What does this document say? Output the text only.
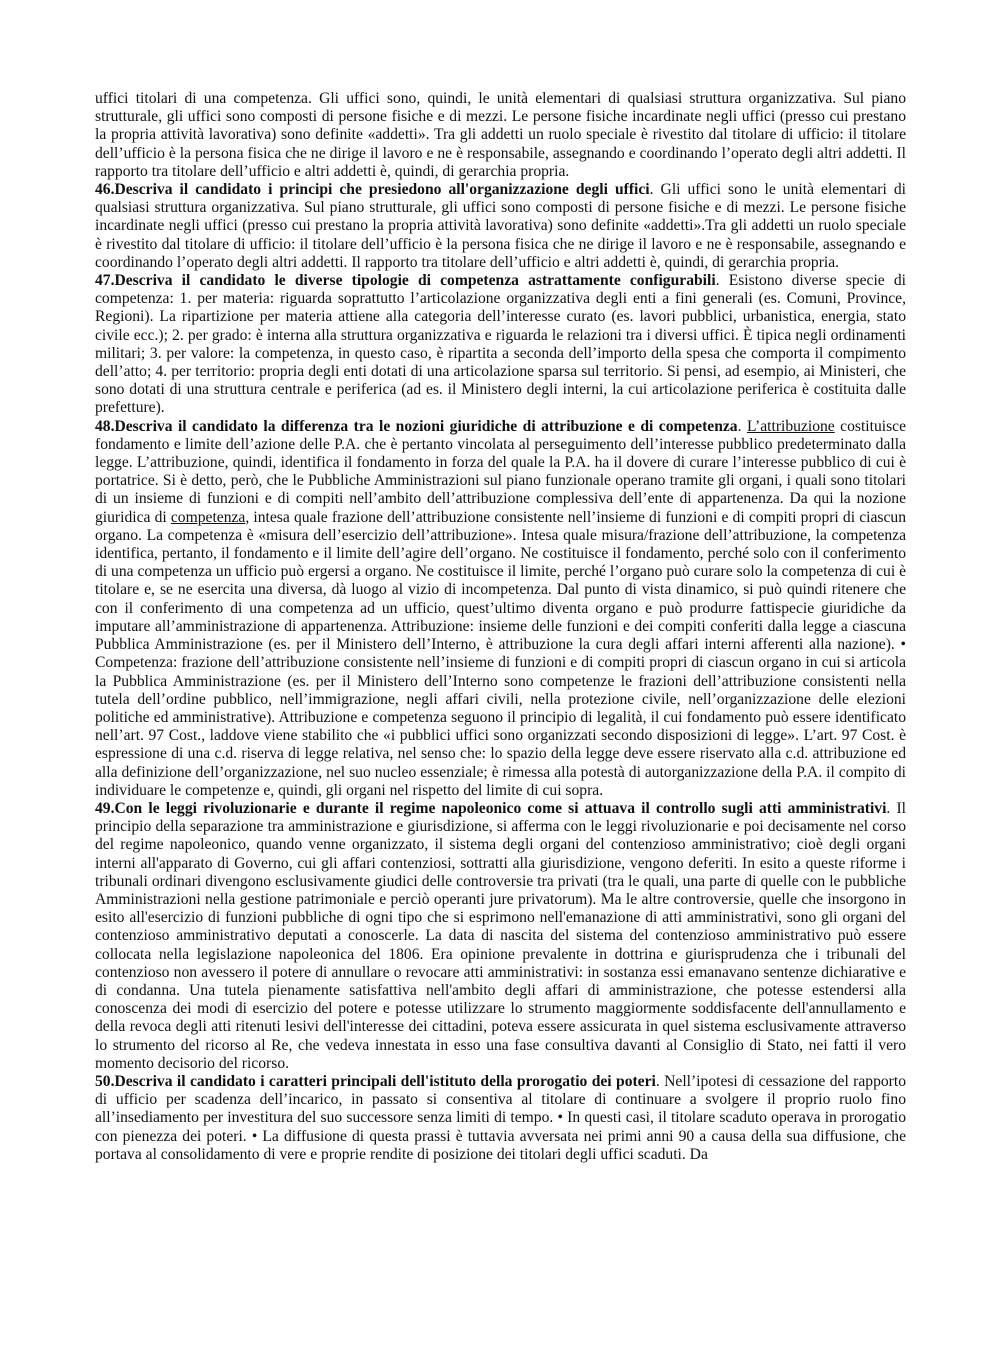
uffici titolari di una competenza. Gli uffici sono, quindi, le unità elementari di qualsiasi struttura organizzativa. Sul piano strutturale, gli uffici sono composti di persone fisiche e di mezzi. Le persone fisiche incardinate negli uffici (presso cui prestano la propria attività lavorativa) sono definite «addetti». Tra gli addetti un ruolo speciale è rivestito dal titolare di ufficio: il titolare dell’ufficio è la persona fisica che ne dirige il lavoro e ne è responsabile, assegnando e coordinando l’operato degli altri addetti. Il rapporto tra titolare dell’ufficio e altri addetti è, quindi, di gerarchia propria.

46.Descriva il candidato i principi che presiedono all'organizzazione degli uffici. Gli uffici sono le unità elementari di qualsiasi struttura organizzativa. Sul piano strutturale, gli uffici sono composti di persone fisiche e di mezzi. Le persone fisiche incardinate negli uffici (presso cui prestano la propria attività lavorativa) sono definite «addetti».Tra gli addetti un ruolo speciale è rivestito dal titolare di ufficio: il titolare dell’ufficio è la persona fisica che ne dirige il lavoro e ne è responsabile, assegnando e coordinando l’operato degli altri addetti. Il rapporto tra titolare dell’ufficio e altri addetti è, quindi, di gerarchia propria.

47.Descriva il candidato le diverse tipologie di competenza astrattamente configurabili. Esistono diverse specie di competenza: 1. per materia: riguarda soprattutto l’articolazione organizzativa degli enti a fini generali (es. Comuni, Province, Regioni). La ripartizione per materia attiene alla categoria dell’interesse curato (es. lavori pubblici, urbanistica, energia, stato civile ecc.); 2. per grado: è interna alla struttura organizzativa e riguarda le relazioni tra i diversi uffici. È tipica negli ordinamenti militari; 3. per valore: la competenza, in questo caso, è ripartita a seconda dell’importo della spesa che comporta il compimento dell’atto; 4. per territorio: propria degli enti dotati di una articolazione sparsa sul territorio. Si pensi, ad esempio, ai Ministeri, che sono dotati di una struttura centrale e periferica (ad es. il Ministero degli interni, la cui articolazione periferica è costituita dalle prefetture).

48.Descriva il candidato la differenza tra le nozioni giuridiche di attribuzione e di competenza. L’attribuzione costituisce fondamento e limite dell’azione delle P.A. che è pertanto vincolata al perseguimento dell’interesse pubblico predeterminato dalla legge. L’attribuzione, quindi, identifica il fondamento in forza del quale la P.A. ha il dovere di curare l’interesse pubblico di cui è portatrice. Si è detto, però, che le Pubbliche Amministrazioni sul piano funzionale operano tramite gli organi, i quali sono titolari di un insieme di funzioni e di compiti nell’ambito dell’attribuzione complessiva dell’ente di appartenenza. Da qui la nozione giuridica di competenza, intesa quale frazione dell’attribuzione consistente nell’insieme di funzioni e di compiti propri di ciascun organo. La competenza è «misura dell’esercizio dell’attribuzione». Intesa quale misura/frazione dell’attribuzione, la competenza identifica, pertanto, il fondamento e il limite dell’agire dell’organo. Ne costituisce il fondamento, perché solo con il conferimento di una competenza un ufficio può ergersi a organo. Ne costituisce il limite, perché l’organo può curare solo la competenza di cui è titolare e, se ne esercita una diversa, dà luogo al vizio di incompetenza. Dal punto di vista dinamico, si può quindi ritenere che con il conferimento di una competenza ad un ufficio, quest’ultimo diventa organo e può produrre fattispecie giuridiche da imputare all’amministrazione di appartenenza. Attribuzione: insieme delle funzioni e dei compiti conferiti dalla legge a ciascuna Pubblica Amministrazione (es. per il Ministero dell’Interno, è attribuzione la cura degli affari interni afferenti alla nazione). • Competenza: frazione dell’attribuzione consistente nell’insieme di funzioni e di compiti propri di ciascun organo in cui si articola la Pubblica Amministrazione (es. per il Ministero dell’Interno sono competenze le frazioni dell’attribuzione consistenti nella tutela dell’ordine pubblico, nell’immigrazione, negli affari civili, nella protezione civile, nell’organizzazione delle elezioni politiche ed amministrative). Attribuzione e competenza seguono il principio di legalità, il cui fondamento può essere identificato nell’art. 97 Cost., laddove viene stabilito che «i pubblici uffici sono organizzati secondo disposizioni di legge». L’art. 97 Cost. è espressione di una c.d. riserva di legge relativa, nel senso che: lo spazio della legge deve essere riservato alla c.d. attribuzione ed alla definizione dell’organizzazione, nel suo nucleo essenziale; è rimessa alla potestà di autorganizzazione della P.A. il compito di individuare le competenze e, quindi, gli organi nel rispetto del limite di cui sopra.

49.Con le leggi rivoluzionarie e durante il regime napoleonico come si attuava il controllo sugli atti amministrativi. Il principio della separazione tra amministrazione e giurisdizione, si afferma con le leggi rivoluzionarie e poi decisamente nel corso del regime napoleonico, quando venne organizzato, il sistema degli organi del contenzioso amministrativo; cioè degli organi interni all'apparato di Governo, cui gli affari contenziosi, sottratti alla giurisdizione, vengono deferiti. In esito a queste riforme i tribunali ordinari divengono esclusivamente giudici delle controversie tra privati (tra le quali, una parte di quelle con le pubbliche Amministrazioni nella gestione patrimoniale e perciò operanti jure privatorum). Ma le altre controversie, quelle che insorgono in esito all'esercizio di funzioni pubbliche di ogni tipo che si esprimono nell'emanazione di atti amministrativi, sono gli organi del contenzioso amministrativo deputati a conoscerle. La data di nascita del sistema del contenzioso amministrativo può essere collocata nella legislazione napoleonica del 1806. Era opinione prevalente in dottrina e giurisprudenza che i tribunali del contenzioso non avessero il potere di annullare o revocare atti amministrativi: in sostanza essi emanavano sentenze dichiarative e di condanna. Una tutela pienamente satisfattiva nell'ambito degli affari di amministrazione, che potesse estendersi alla conoscenza dei modi di esercizio del potere e potesse utilizzare lo strumento maggiormente soddisfacente dell'annullamento e della revoca degli atti ritenuti lesivi dell'interesse dei cittadini, poteva essere assicurata in quel sistema esclusivamente attraverso lo strumento del ricorso al Re, che vedeva innestata in esso una fase consultiva davanti al Consiglio di Stato, nei fatti il vero momento decisorio del ricorso.

50.Descriva il candidato i caratteri principali dell'istituto della prorogatio dei poteri. Nell’ipotesi di cessazione del rapporto di ufficio per scadenza dell’incarico, in passato si consentiva al titolare di continuare a svolgere il proprio ruolo fino all’insediamento per investitura del suo successore senza limiti di tempo. • In questi casi, il titolare scaduto operava in prorogatio con pienezza dei poteri. • La diffusione di questa prassi è tuttavia avversata nei primi anni 90 a causa della sua diffusione, che portava al consolidamento di vere e proprie rendite di posizione dei titolari degli uffici scaduti. Da
